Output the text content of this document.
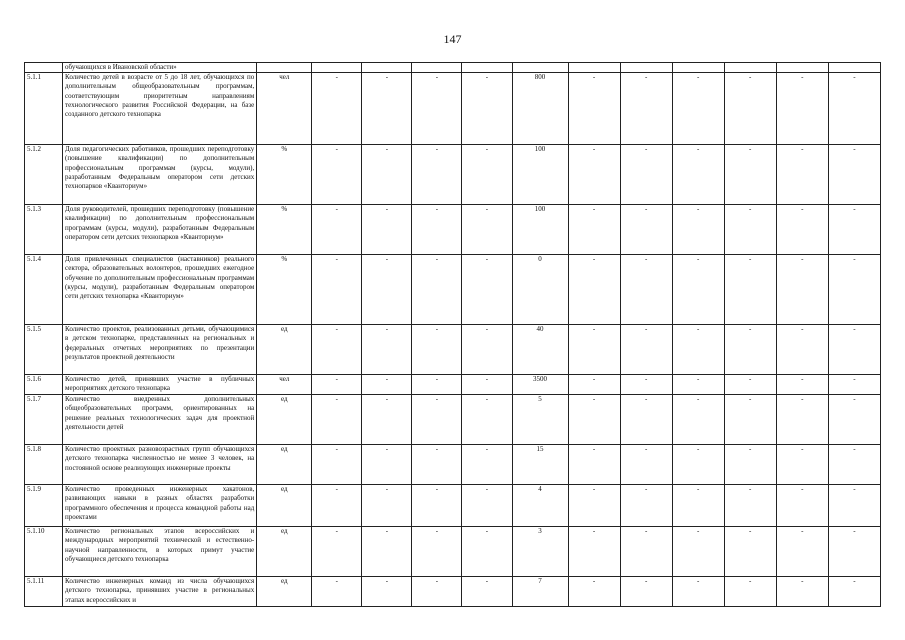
147
	обучающихся в Ивановской области»												
5.1.1	Количество детей в возрасте от 5 до 18 лет, обучающихся по дополнительным общеобразовательным программам, соответствующим приоритетным направлениям технологического развития Российской Федерации, на базе созданного детского технопарка	чел	-	-	-	-	800	-	-	-	-	-	-
5.1.2	Доля педагогических работников, прошедших переподготовку (повышение квалификации) по дополнительным профессиональным программам (курсы, модули), разработанным Федеральным оператором сети детских технопарков «Кванториум»	%	-	-	-	-	100	-	-	-	-	-	-
5.1.3	Доля руководителей, прошедших переподготовку (повышение квалификации) по дополнительным профессиональным программам (курсы, модули), разработанным Федеральным оператором сети детских технопарков «Кванториум»	%	-	-	-	-	100	-	-	-	-	-	-
5.1.4	Доля привлеченных специалистов (наставников) реального сектора, образовательных волонтеров, прошедших ежегодное обучение по дополнительным профессиональным программам (курсы, модули), разработанным Федеральным оператором сети детских технопарка «Кванториум»	%	-	-	-	-	0	-	-	-	-	-	-
5.1.5	Количество проектов, реализованных детьми, обучающимися в детском технопарке, представленных на региональных и федеральных отчетных мероприятиях по презентации результатов проектной деятельности	ед	-	-	-	-	40	-	-	-	-	-	-
5.1.6	Количество детей, принявших участие в публичных мероприятиях детского технопарка	чел	-	-	-	-	3500	-	-	-	-	-	-
5.1.7	Количество внедренных дополнительных общеобразовательных программ, ориентированных на решение реальных технологических задач для проектной деятельности детей	ед	-	-	-	-	5	-	-	-	-	-	-
5.1.8	Количество проектных разновозрастных групп обучающихся детского технопарка численностью не менее 3 человек, на постоянной основе реализующих инженерные проекты	ед	-	-	-	-	15	-	-	-	-	-	-
5.1.9	Количество проведенных инженерных хакатонов, развивающих навыки в разных областях разработки программного обеспечения и процесса командной работы над проектами	ед	-	-	-	-	4	-	-	-	-	-	-
5.1.10	Количество региональных этапов всероссийских и международных мероприятий технической и естественно-научной направленности, в которых примут участие обучающиеся детского технопарка	ед	-	-	-	-	3	-	-	-	-	-	-
5.1.11	Количество инженерных команд из числа обучающихся детского технопарка, принявших участие в региональных этапах всероссийских и	ед	-	-	-	-	7	-	-	-	-	-	-
